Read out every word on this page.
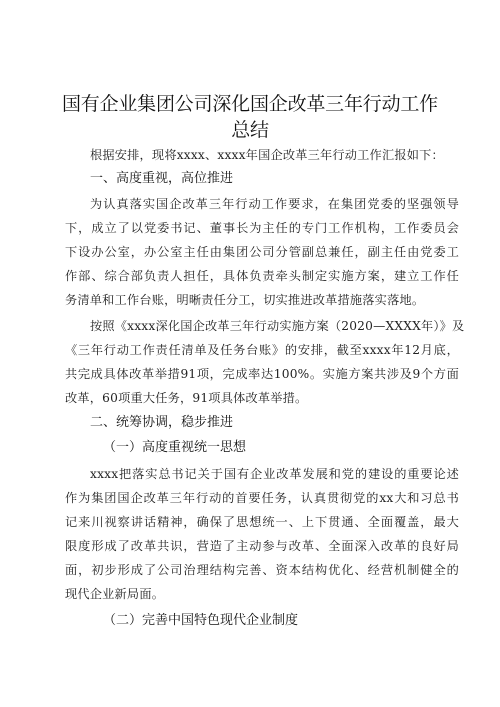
国有企业集团公司深化国企改革三年行动工作
总结
根据安排，现将xxxx、xxxx年国企改革三年行动工作汇报如下：
一、高度重视，高位推进
为认真落实国企改革三年行动工作要求，在集团党委的坚强领导
下，成立了以党委书记、董事长为主任的专门工作机构，工作委员会
下设办公室，办公室主任由集团公司分管副总兼任，副主任由党委工
作部、综合部负责人担任，具体负责牵头制定实施方案，建立工作任
务清单和工作台账，明晰责任分工，切实推进改革措施落实落地。
按照《xxxx深化国企改革三年行动实施方案（2020—XXXX年）》及
《三年行动工作责任清单及任务台账》的安排，截至xxxx年12月底，
共完成具体改革举措91项，完成率达100%。实施方案共涉及9个方面
改革，60项重大任务，91项具体改革举措。
二、统筹协调，稳步推进
（一）高度重视统一思想
xxxx把落实总书记关于国有企业改革发展和党的建设的重要论述
作为集团国企改革三年行动的首要任务，认真贯彻党的xx大和习总书
记来川视察讲话精神，确保了思想统一、上下贯通、全面覆盖，最大
限度形成了改革共识，营造了主动参与改革、全面深入改革的良好局
面，初步形成了公司治理结构完善、资本结构优化、经营机制健全的
现代企业新局面。
（二）完善中国特色现代企业制度
